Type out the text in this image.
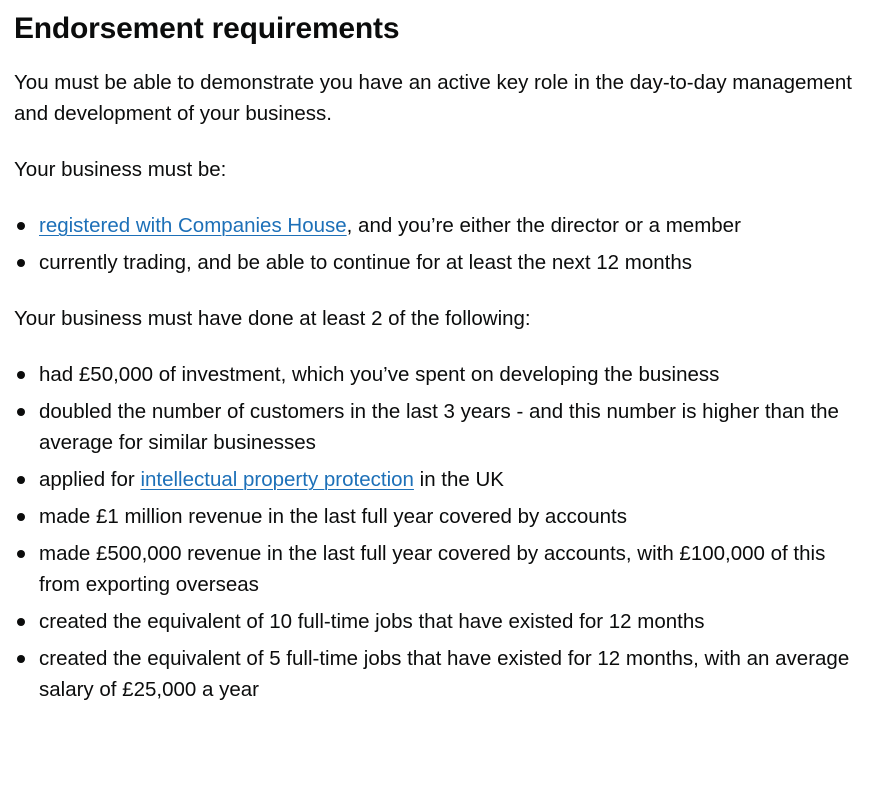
Endorsement requirements

You must be able to demonstrate you have an active key role in the day-to-day management and development of your business.

Your business must be:

registered with Companies House, and you’re either the director or a member
currently trading, and be able to continue for at least the next 12 months

Your business must have done at least 2 of the following:

had £50,000 of investment, which you’ve spent on developing the business
doubled the number of customers in the last 3 years - and this number is higher than the average for similar businesses
applied for intellectual property protection in the UK
made £1 million revenue in the last full year covered by accounts
made £500,000 revenue in the last full year covered by accounts, with £100,000 of this from exporting overseas
created the equivalent of 10 full-time jobs that have existed for 12 months
created the equivalent of 5 full-time jobs that have existed for 12 months, with an average salary of £25,000 a year
